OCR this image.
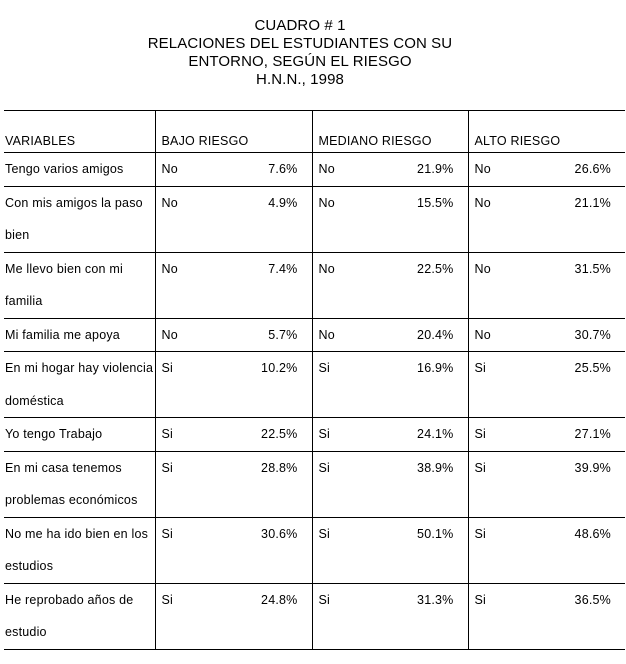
CUADRO # 1
RELACIONES DEL ESTUDIANTES CON SU
ENTORNO, SEGÚN EL RIESGO
H.N.N., 1998
VARIABLES	BAJO RIESGO	MEDIANO RIESGO	ALTO RIESGO
Tengo varios amigos	No 7.6%	No 21.9%	No 26.6%

Con mis amigos la paso bien	No 4.9%	No 15.5%	No 21.1%

Me llevo bien con mi familia	No 7.4%	No 22.5%	No 31.5%

Mi familia me apoya	No 5.7%	No 20.4%	No 30.7%

En mi hogar hay violencia doméstica	Si 10.2%	Si 16.9%	Si 25.5%

Yo tengo Trabajo	Si 22.5%	Si 24.1%	Si 27.1%

En mi casa tenemos problemas económicos	Si 28.8%	Si 38.9%	Si 39.9%

No me ha ido bien en los estudios	Si 30.6%	Si 50.1%	Si 48.6%

He reprobado años de estudio	Si 24.8%	Si 31.3%	Si 36.5%
